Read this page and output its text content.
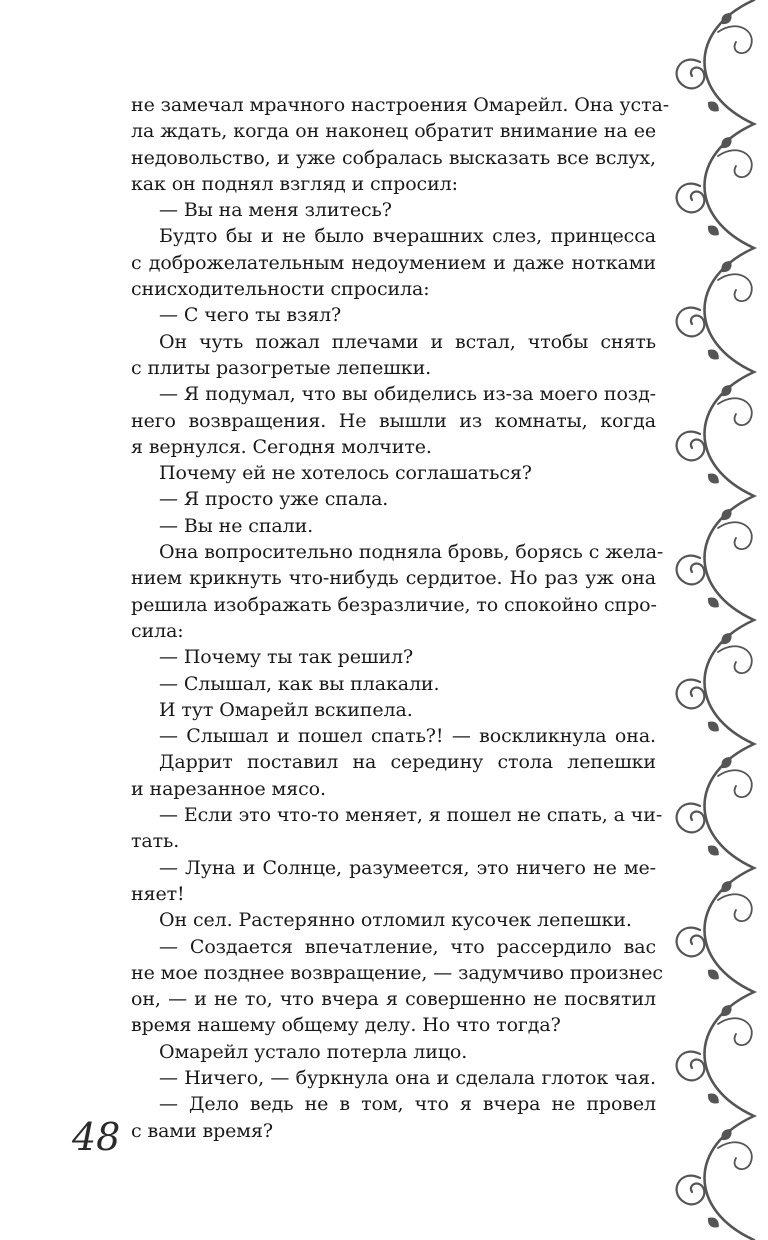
не замечал мрачного настроения Омарейл. Она уста-
ла ждать, когда он наконец обратит внимание на ее
недовольство, и уже собралась высказать все вслух,
как он поднял взгляд и спросил:
— Вы на меня злитесь?
Будто бы и не было вчерашних слез, принцесса
с доброжелательным недоумением и даже нотками
снисходительности спросила:
— С чего ты взял?
Он чуть пожал плечами и встал, чтобы снять
с плиты разогретые лепешки.
— Я подумал, что вы обиделись из-за моего позд-
него возвращения. Не вышли из комнаты, когда
я вернулся. Сегодня молчите.
Почему ей не хотелось соглашаться?
— Я просто уже спала.
— Вы не спали.
Она вопросительно подняла бровь, борясь с жела-
нием крикнуть что-нибудь сердитое. Но раз уж она
решила изображать безразличие, то спокойно спро-
сила:
— Почему ты так решил?
— Слышал, как вы плакали.
И тут Омарейл вскипела.
— Слышал и пошел спать?! — воскликнула она.
Даррит поставил на середину стола лепешки
и нарезанное мясо.
— Если это что-то меняет, я пошел не спать, а чи-
тать.
— Луна и Солнце, разумеется, это ничего не ме-
няет!
Он сел. Растерянно отломил кусочек лепешки.
— Создается впечатление, что рассердило вас
не мое позднее возвращение, — задумчиво произнес
он, — и не то, что вчера я совершенно не посвятил
время нашему общему делу. Но что тогда?
Омарейл устало потерла лицо.
— Ничего, — буркнула она и сделала глоток чая.
— Дело ведь не в том, что я вчера не провел
с вами время?
48
